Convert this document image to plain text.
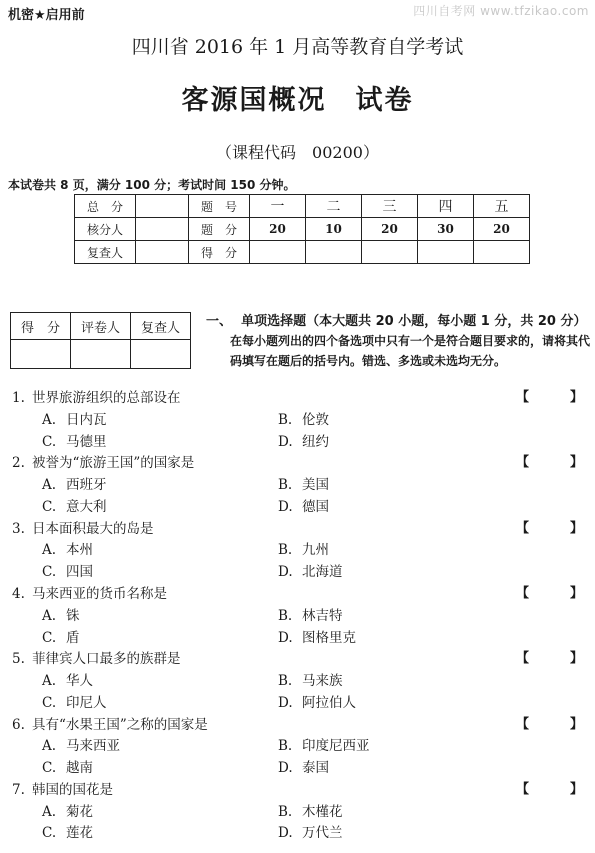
机密★启用前	四川自考网 www.tfzikao.com
四川省 2016 年 1 月高等教育自学考试
客源国概况　试卷
（课程代码　00200）
本试卷共 8 页，满分 100 分；考试时间 150 分钟。
总　分		题　号	一	二	三	四	五
核分人		题　分	20	10	20	30	20
复查人		得　分					
得　分	评卷人	复查人
		一、 单项选择题（本大题共 20 小题，每小题 1 分，共 20 分）
在每小题列出的四个备选项中只有一个是符合题目要求的，请将其代码填写在题后的括号内。错选、多选或未选均无分。
1. 世界旅游组织的总部设在	【	】
A. 日内瓦	B. 伦敦
C. 马德里	D. 纽约
2. 被誉为“旅游王国”的国家是	【	】
A. 西班牙	B. 美国
C. 意大利	D. 德国
3. 日本面积最大的岛是	【	】
A. 本州	B. 九州
C. 四国	D. 北海道
4. 马来西亚的货币名称是	【	】
A. 铢	B. 林吉特
C. 盾	D. 图格里克
5. 菲律宾人口最多的族群是	【	】
A. 华人	B. 马来族
C. 印尼人	D. 阿拉伯人
6. 具有“水果王国”之称的国家是	【	】
A. 马来西亚	B. 印度尼西亚
C. 越南	D. 泰国
7. 韩国的国花是	【	】
A. 菊花	B. 木槿花
C. 莲花	D. 万代兰
